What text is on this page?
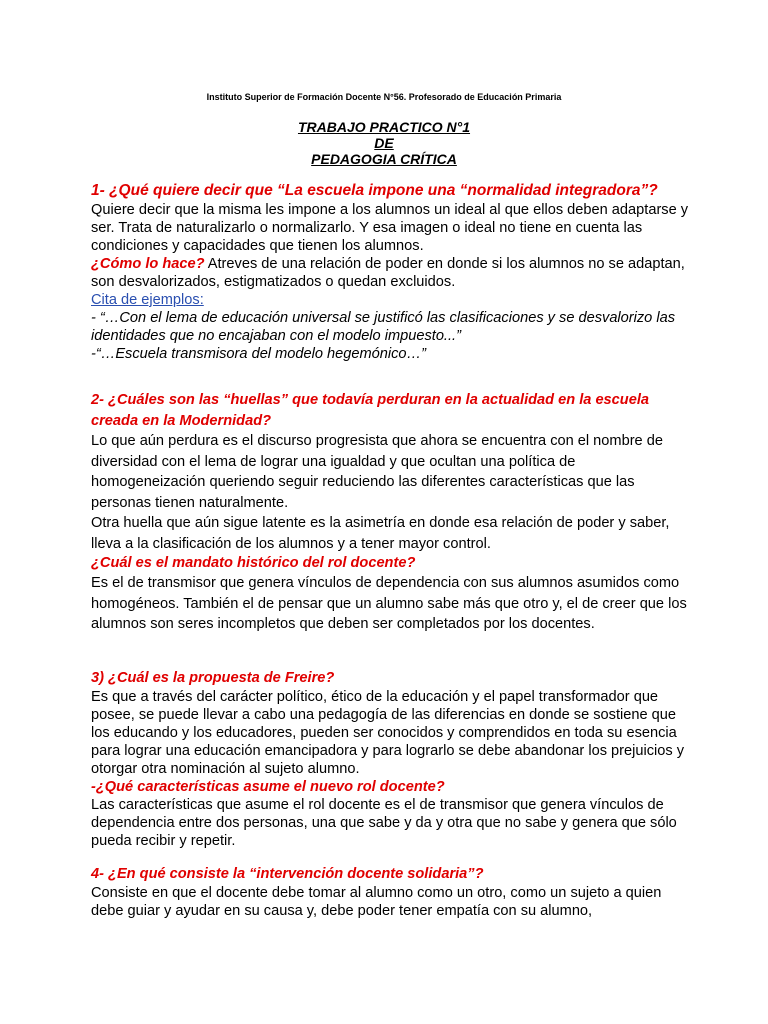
Instituto Superior de Formación Docente N°56. Profesorado de Educación Primaria
TRABAJO PRACTICO N°1
DE
PEDAGOGIA CRÍTICA

1- ¿Qué quiere decir que “La escuela impone una “normalidad integradora”?

Quiere decir que la misma les impone a los alumnos un ideal al que ellos deben adaptarse y ser. Trata de naturalizarlo o normalizarlo. Y esa imagen o ideal no tiene en cuenta las condiciones y capacidades que tienen los alumnos.

¿Cómo lo hace? Atreves de una relación de poder en donde si los alumnos no se adaptan, son desvalorizados, estigmatizados o quedan excluidos.

Cita de ejemplos:

- “…Con el lema de educación universal se justificó las clasificaciones y se desvalorizo las identidades que no encajaban con el modelo impuesto...”

-“…Escuela transmisora del modelo hegemónico…”

2- ¿Cuáles son las “huellas” que todavía perduran en la actualidad en la escuela creada en la Modernidad?

Lo que aún perdura es el discurso progresista que ahora se encuentra con el nombre de diversidad con el lema de lograr una igualdad y que ocultan una política de homogeneización queriendo seguir reduciendo las diferentes características que las personas tienen naturalmente.

Otra huella que aún sigue latente es la asimetría en donde esa relación de poder y saber, lleva a la clasificación de los alumnos y a tener mayor control.

¿Cuál es el mandato histórico del rol docente?

Es el de transmisor que genera vínculos de dependencia con sus alumnos asumidos como homogéneos. También el de pensar que un alumno sabe más que otro y, el de creer que los alumnos son seres incompletos que deben ser completados por los docentes.

3) ¿Cuál es la propuesta de Freire?

Es que a través del carácter político, ético de la educación y el papel transformador que posee, se puede llevar a cabo una pedagogía de las diferencias en donde se sostiene que los educando y los educadores, pueden ser conocidos y comprendidos en toda su esencia para lograr una educación emancipadora y para lograrlo se debe abandonar los prejuicios y otorgar otra nominación al sujeto alumno.

-¿Qué características asume el nuevo rol docente?

Las características que asume el rol docente es el de transmisor que genera vínculos de dependencia entre dos personas, una que sabe y da y otra que no sabe y genera que sólo pueda recibir y repetir.

4- ¿En qué consiste la “intervención docente solidaria”?

Consiste en que el docente debe tomar al alumno como un otro, como un sujeto a quien debe guiar y ayudar en su causa y, debe poder tener empatía con su alumno,
